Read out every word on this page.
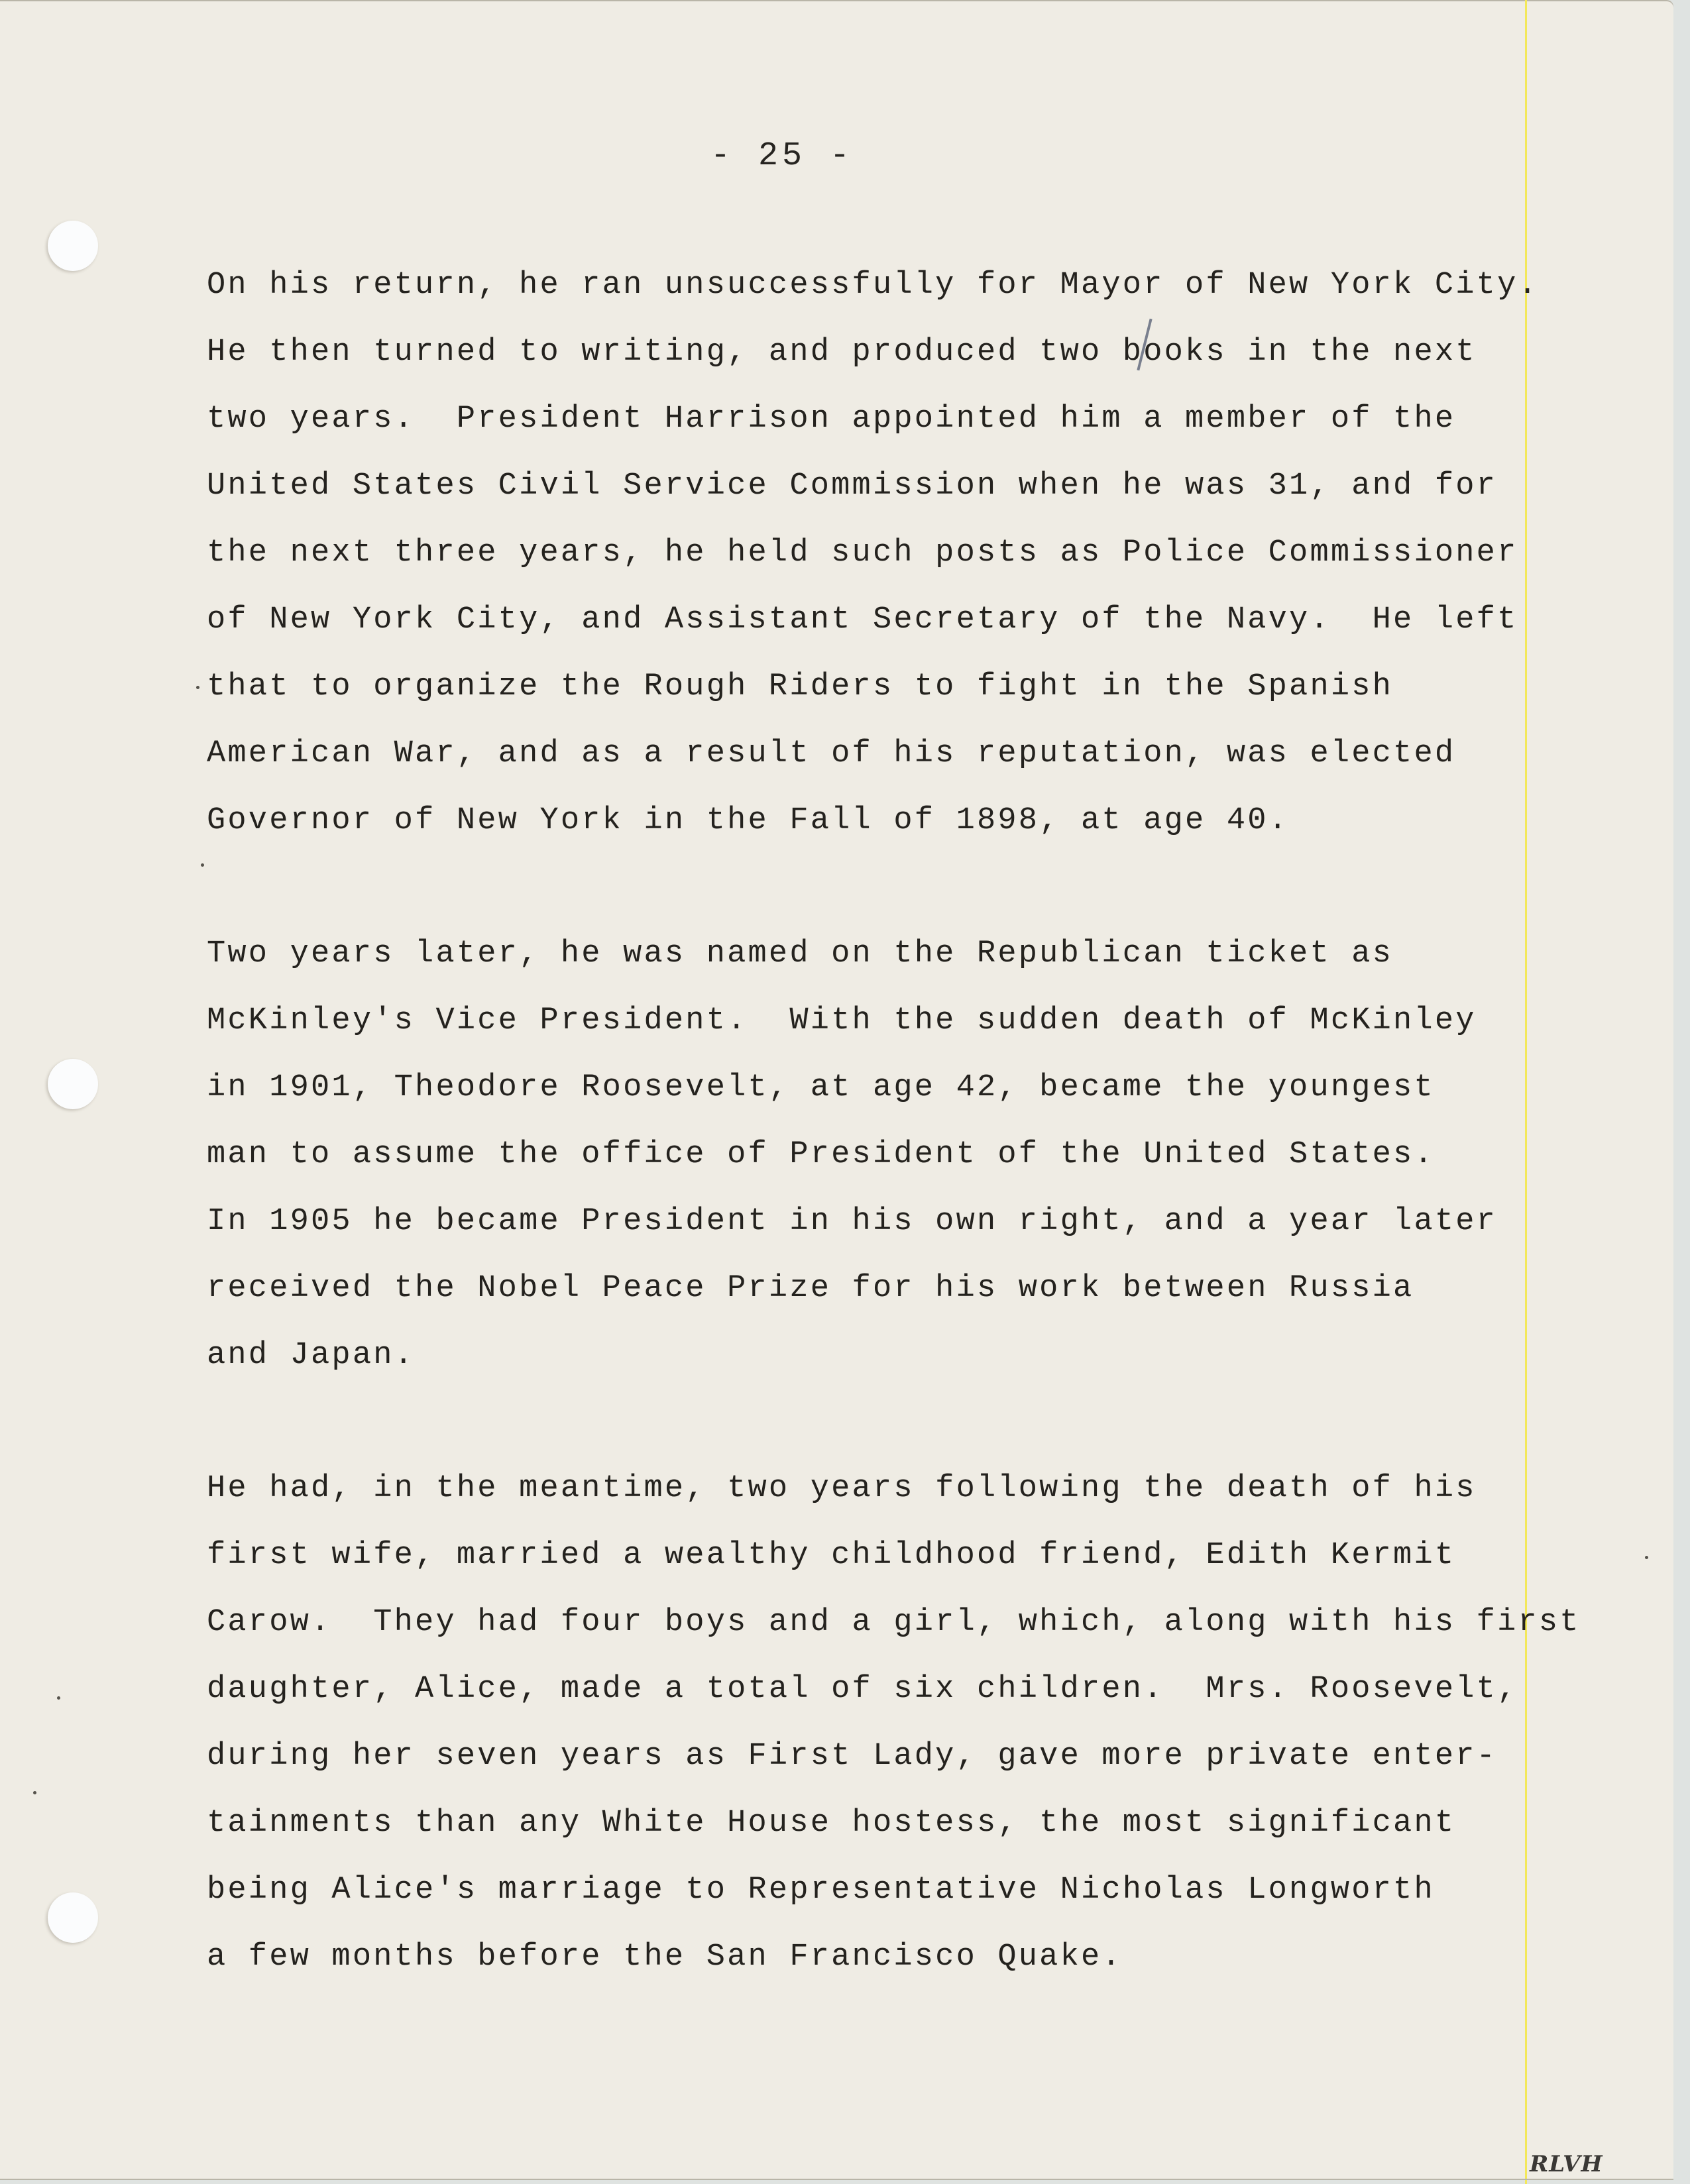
- 25 -
On his return, he ran unsuccessfully for Mayor of New York City.
He then turned to writing, and produced two books in the next
two years.  President Harrison appointed him a member of the
United States Civil Service Commission when he was 31, and for
the next three years, he held such posts as Police Commissioner
of New York City, and Assistant Secretary of the Navy.  He left
that to organize the Rough Riders to fight in the Spanish
American War, and as a result of his reputation, was elected
Governor of New York in the Fall of 1898, at age 40.
Two years later, he was named on the Republican ticket as
McKinley's Vice President.  With the sudden death of McKinley
in 1901, Theodore Roosevelt, at age 42, became the youngest
man to assume the office of President of the United States.
In 1905 he became President in his own right, and a year later
received the Nobel Peace Prize for his work between Russia
and Japan.
He had, in the meantime, two years following the death of his
first wife, married a wealthy childhood friend, Edith Kermit
Carow.  They had four boys and a girl, which, along with his first
daughter, Alice, made a total of six children.  Mrs. Roosevelt,
during her seven years as First Lady, gave more private enter-
tainments than any White House hostess, the most significant
being Alice's marriage to Representative Nicholas Longworth
a few months before the San Francisco Quake.
RLVH
